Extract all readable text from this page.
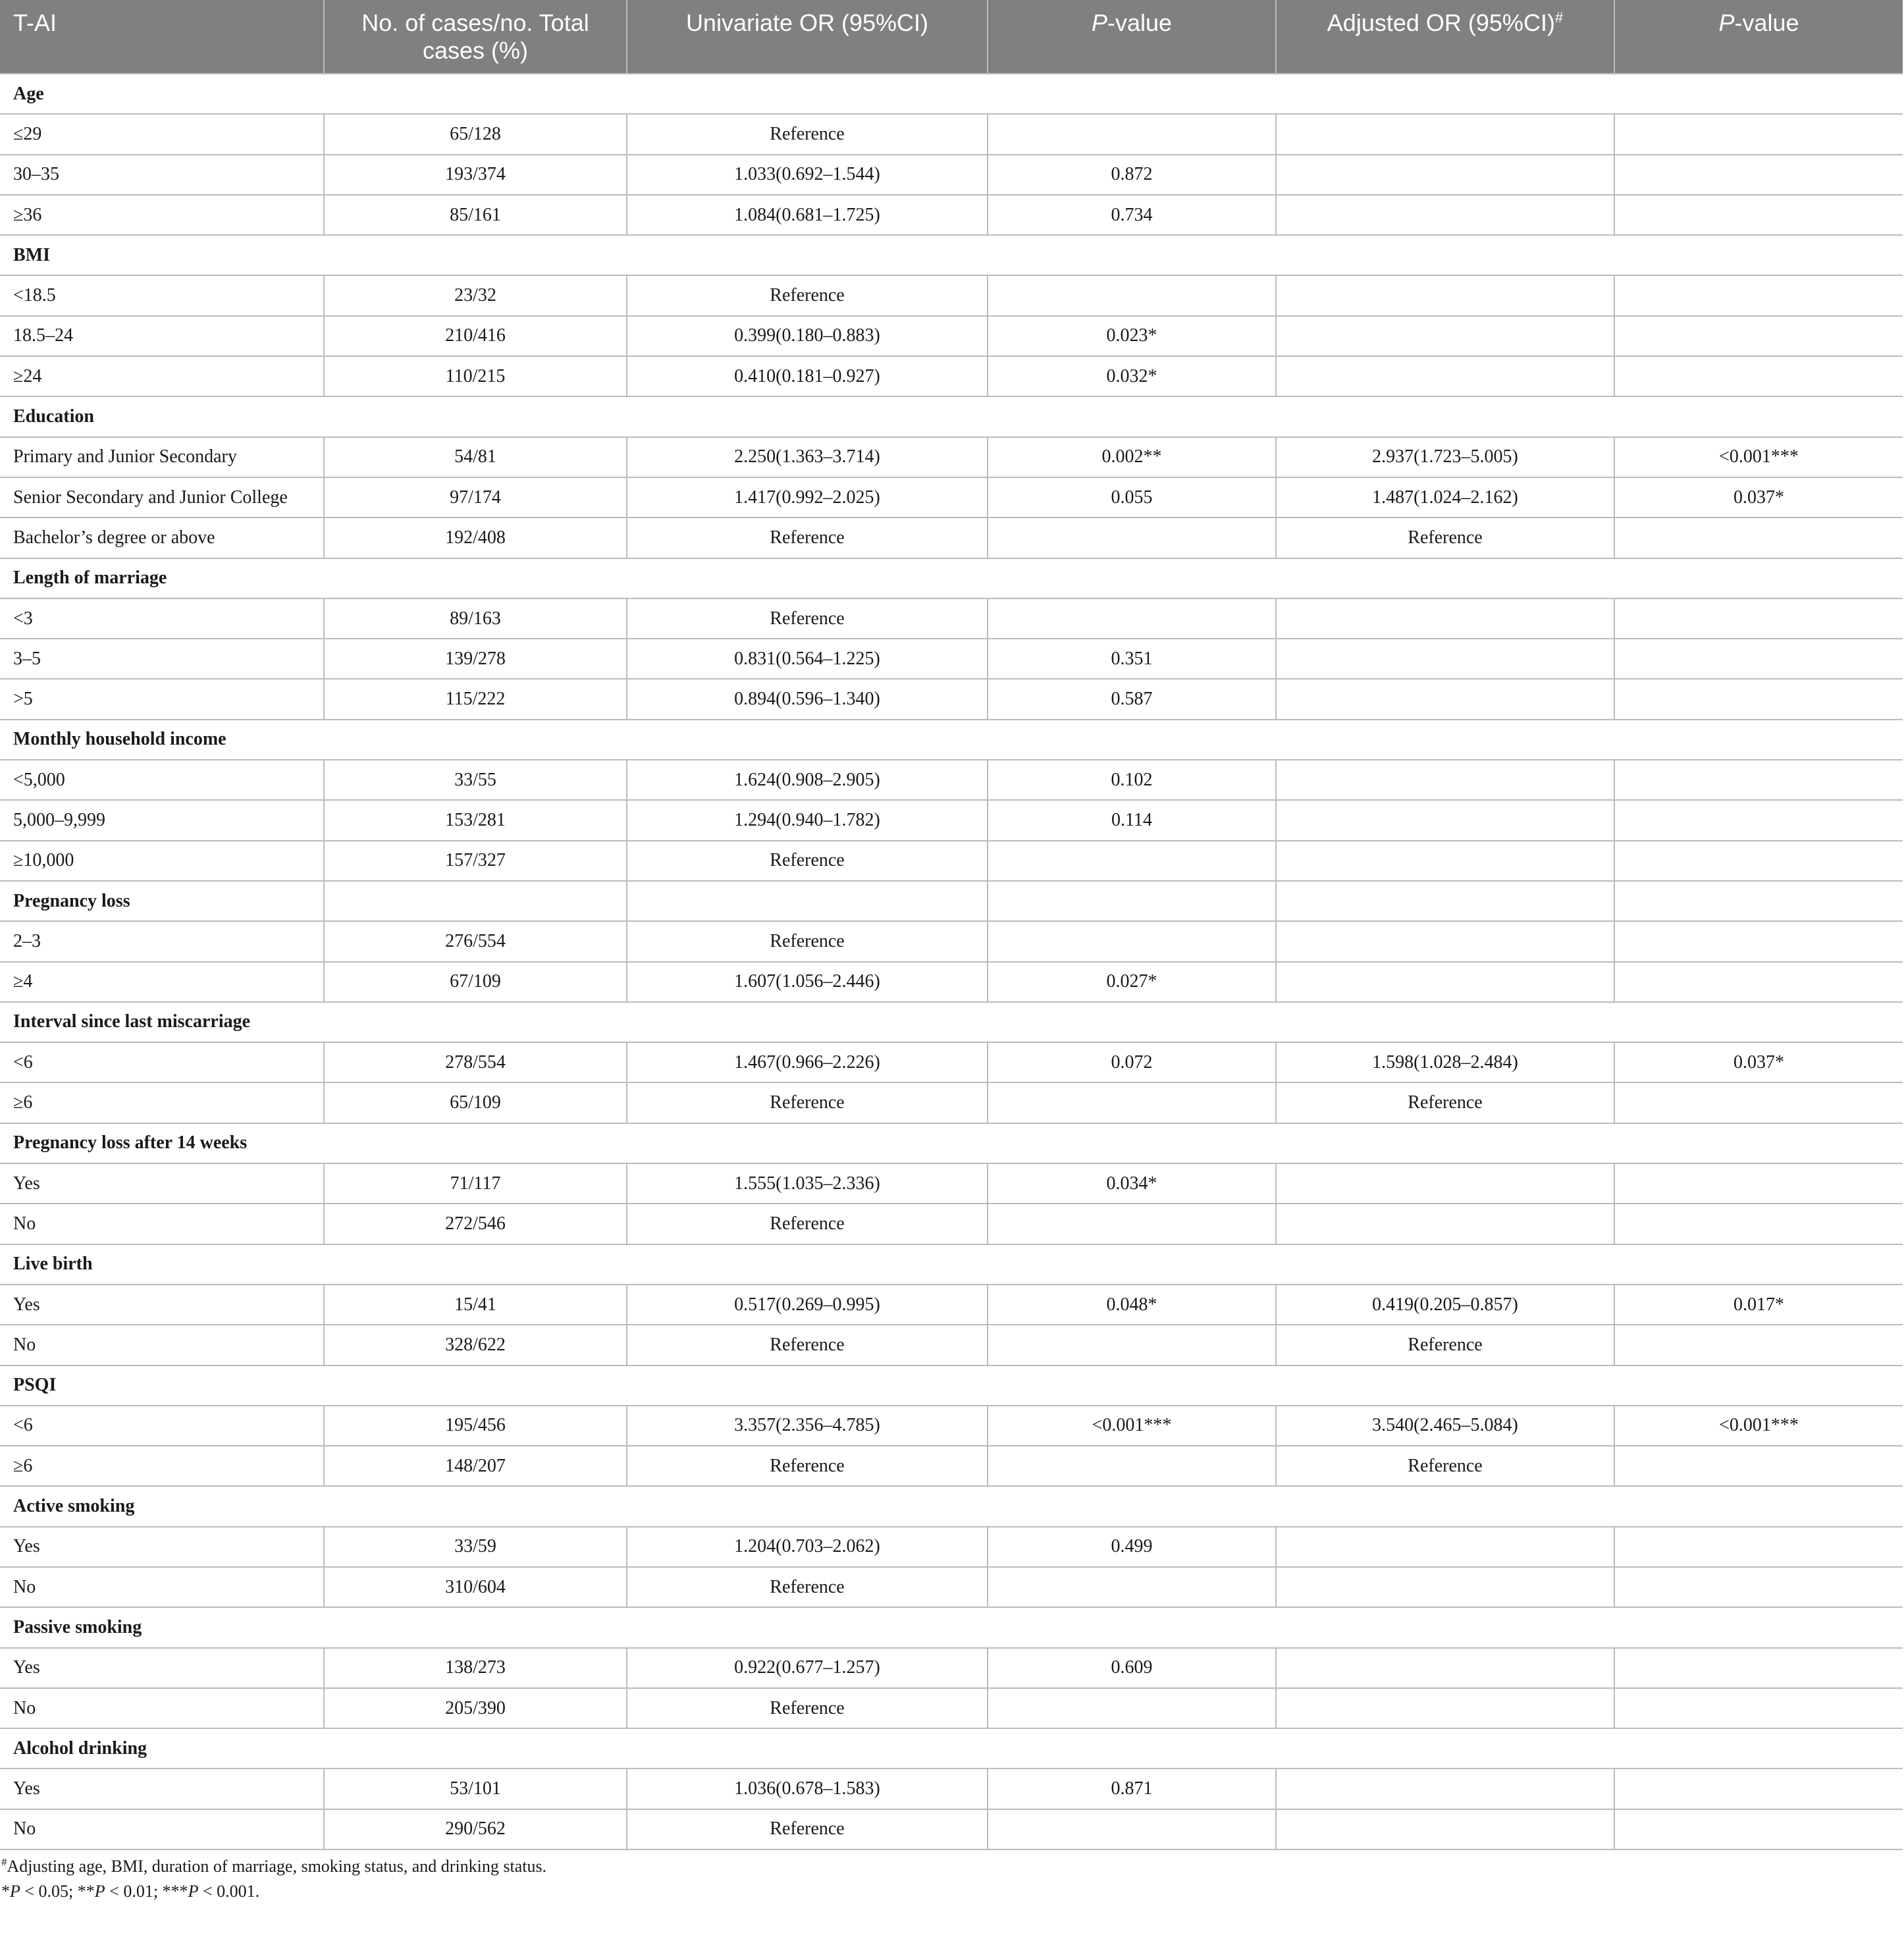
T-AI	No. of cases/no. Total cases (%)	Univariate OR (95%CI)	P-value	Adjusted OR (95%CI)#	P-value
Age					
≤29	65/128	Reference			
30–35	193/374	1.033(0.692–1.544)	0.872		
≥36	85/161	1.084(0.681–1.725)	0.734		
BMI					
<18.5	23/32	Reference			
18.5–24	210/416	0.399(0.180–0.883)	0.023*		
≥24	110/215	0.410(0.181–0.927)	0.032*		
Education					
Primary and Junior Secondary	54/81	2.250(1.363–3.714)	0.002**	2.937(1.723–5.005)	<0.001***
Senior Secondary and Junior College	97/174	1.417(0.992–2.025)	0.055	1.487(1.024–2.162)	0.037*
Bachelor’s degree or above	192/408	Reference		Reference	
Length of marriage					
<3	89/163	Reference			
3–5	139/278	0.831(0.564–1.225)	0.351		
>5	115/222	0.894(0.596–1.340)	0.587		
Monthly household income					
<5,000	33/55	1.624(0.908–2.905)	0.102		
5,000–9,999	153/281	1.294(0.940–1.782)	0.114		
≥10,000	157/327	Reference			
Pregnancy loss					
2–3	276/554	Reference			
≥4	67/109	1.607(1.056–2.446)	0.027*		
Interval since last miscarriage					
<6	278/554	1.467(0.966–2.226)	0.072	1.598(1.028–2.484)	0.037*
≥6	65/109	Reference		Reference	
Pregnancy loss after 14 weeks					
Yes	71/117	1.555(1.035–2.336)	0.034*		
No	272/546	Reference			
Live birth					
Yes	15/41	0.517(0.269–0.995)	0.048*	0.419(0.205–0.857)	0.017*
No	328/622	Reference		Reference	
PSQI					
<6	195/456	3.357(2.356–4.785)	<0.001***	3.540(2.465–5.084)	<0.001***
≥6	148/207	Reference		Reference	
Active smoking					
Yes	33/59	1.204(0.703–2.062)	0.499		
No	310/604	Reference			
Passive smoking					
Yes	138/273	0.922(0.677–1.257)	0.609		
No	205/390	Reference			
Alcohol drinking					
Yes	53/101	1.036(0.678–1.583)	0.871		
No	290/562	Reference			

#Adjusting age, BMI, duration of marriage, smoking status, and drinking status.

*P < 0.05; **P < 0.01; ***P < 0.001.
